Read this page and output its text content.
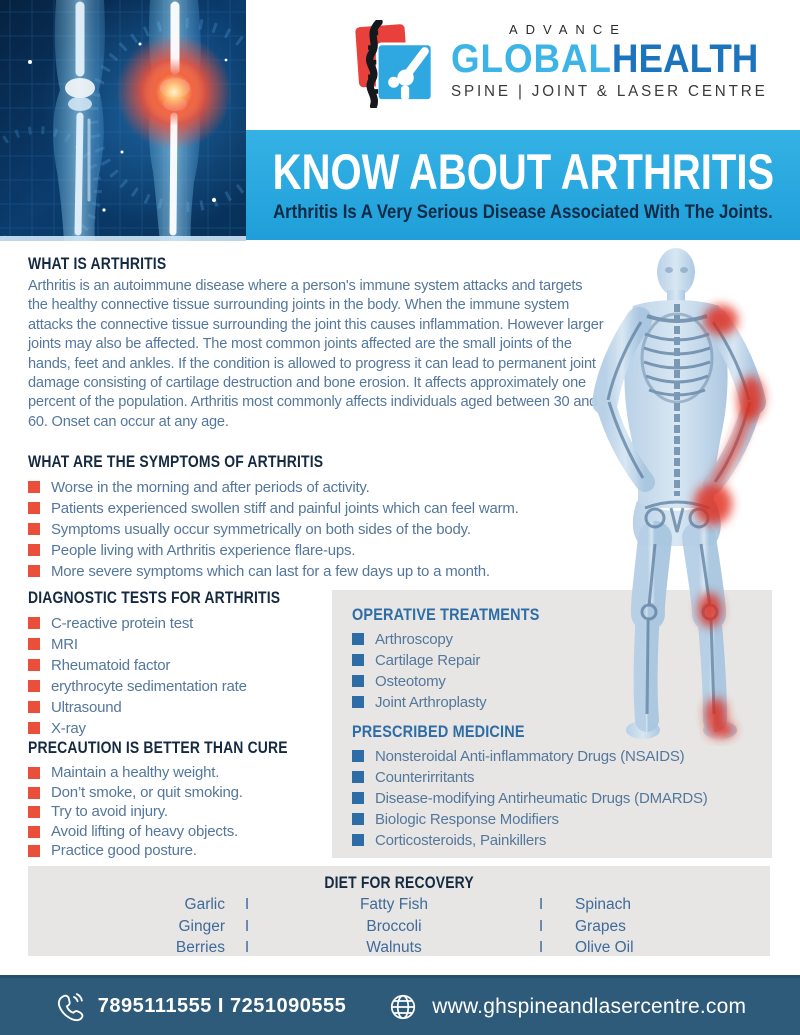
ADVANCE
GLOBALHEALTH
SPINE | JOINT & LASER CENTRE
KNOW ABOUT ARTHRITIS
Arthritis Is A Very Serious Disease Associated With The Joints.
WHAT IS ARTHRITIS
Arthritis is an autoimmune disease where a person's immune system attacks and targets the healthy connective tissue surrounding joints in the body. When the immune system attacks the connective tissue surrounding the joint this causes inflammation. However larger joints may also be affected. The most common joints affected are the small joints of the hands, feet and ankles. If the condition is allowed to progress it can lead to permanent joint damage consisting of cartilage destruction and bone erosion. It affects approximately one percent of the population. Arthritis most commonly affects individuals aged between 30 and 60. Onset can occur at any age.
WHAT ARE THE SYMPTOMS OF ARTHRITIS
Worse in the morning and after periods of activity.
Patients experienced swollen stiff and painful joints which can feel warm.
Symptoms usually occur symmetrically on both sides of the body.
People living with Arthritis experience flare-ups.
More severe symptoms which can last for a few days up to a month.
DIAGNOSTIC TESTS FOR ARTHRITIS
C-reactive protein test
MRI
Rheumatoid factor
erythrocyte sedimentation rate
Ultrasound
X-ray
PRECAUTION IS BETTER THAN CURE
Maintain a healthy weight.
Don’t smoke, or quit smoking.
Try to avoid injury.
Avoid lifting of heavy objects.
Practice good posture.
OPERATIVE TREATMENTS
Arthroscopy
Cartilage Repair
Osteotomy
Joint Arthroplasty
PRESCRIBED MEDICINE
Nonsteroidal Anti-inflammatory Drugs (NSAIDS)
Counterirritants
Disease-modifying Antirheumatic Drugs (DMARDS)
Biologic Response Modifiers
Corticosteroids, Painkillers
DIET FOR RECOVERY
Garlic
Ginger
Berries
I
I
I
Fatty Fish
Broccoli
Walnuts
I
I
I
Spinach
Grapes
Olive Oil
7895111555 I 7251090555	www.ghspineandlasercentre.com
